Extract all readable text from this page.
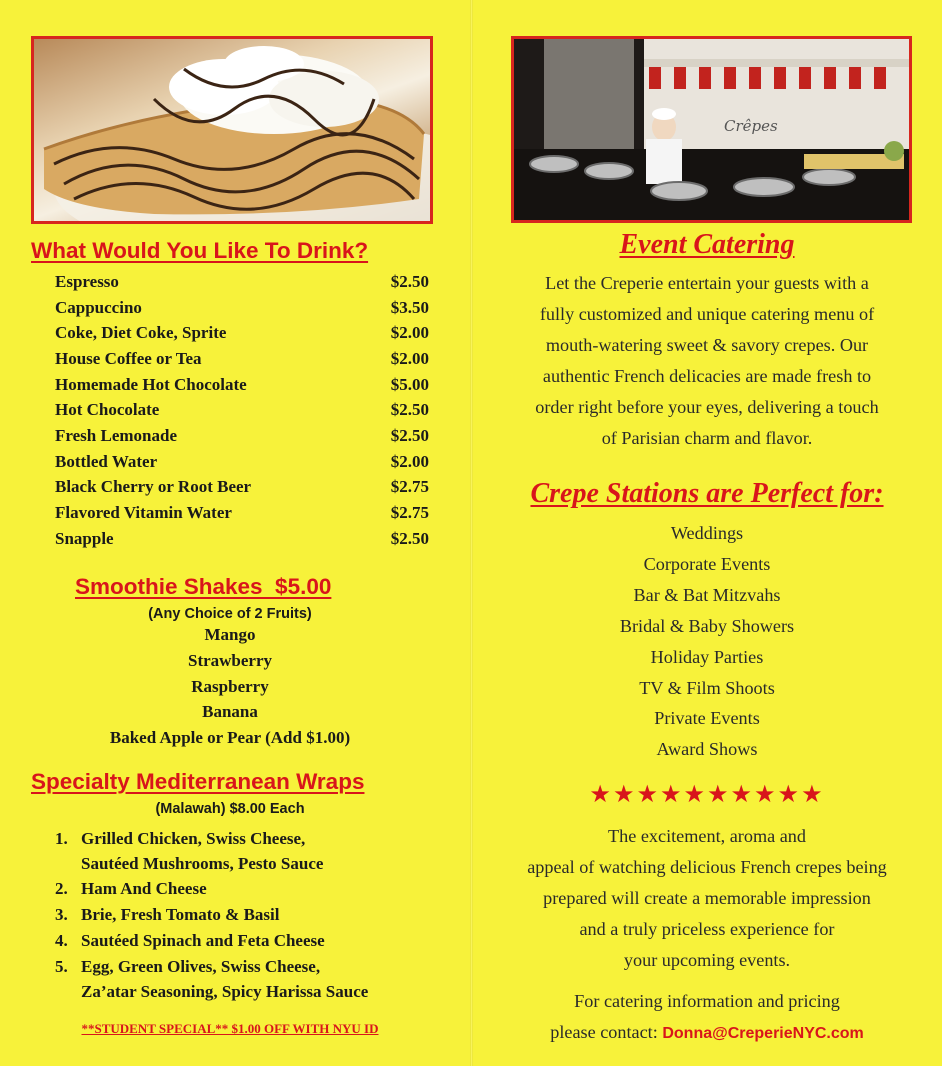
What Would You Like To Drink?
Espresso	$2.50
Cappuccino	$3.50
Coke, Diet Coke, Sprite	$2.00
House Coffee or Tea	$2.00
Homemade Hot Chocolate	$5.00
Hot Chocolate	$2.50
Fresh Lemonade	$2.50
Bottled Water	$2.00
Black Cherry or Root Beer	$2.75
Flavored Vitamin Water	$2.75
Snapple	$2.50
Smoothie Shakes  $5.00

(Any Choice of 2 Fruits)

Mango

Strawberry

Raspberry

Banana

Baked Apple or Pear (Add $1.00)

Specialty Mediterranean Wraps

(Malawah) $8.00 Each

1. Grilled Chicken, Swiss Cheese,

Sautéed Mushrooms, Pesto Sauce

2. Ham And Cheese

3. Brie, Fresh Tomato & Basil

4. Sautéed Spinach and Feta Cheese

5. Egg, Green Olives, Swiss Cheese,

Za’atar Seasoning, Spicy Harissa Sauce

**STUDENT SPECIAL** $1.00 OFF WITH NYU ID

Crêpes
Event Catering

Let the Creperie entertain your guests with a

fully customized and unique catering menu of

mouth-watering sweet & savory crepes. Our

authentic French delicacies are made fresh to

order right before your eyes, delivering a touch

of Parisian charm and flavor.

Crepe Stations are Perfect for:
Weddings
Corporate Events
Bar & Bat Mitzvahs
Bridal & Baby Showers
Holiday Parties
TV & Film Shoots
Private Events
Award Shows

★★★★★★★★★★

The excitement, aroma and

appeal of watching delicious French crepes being

prepared will create a memorable impression

and a truly priceless experience for

your upcoming events.

For catering information and pricing

please contact: Donna@CreperieNYC.com
